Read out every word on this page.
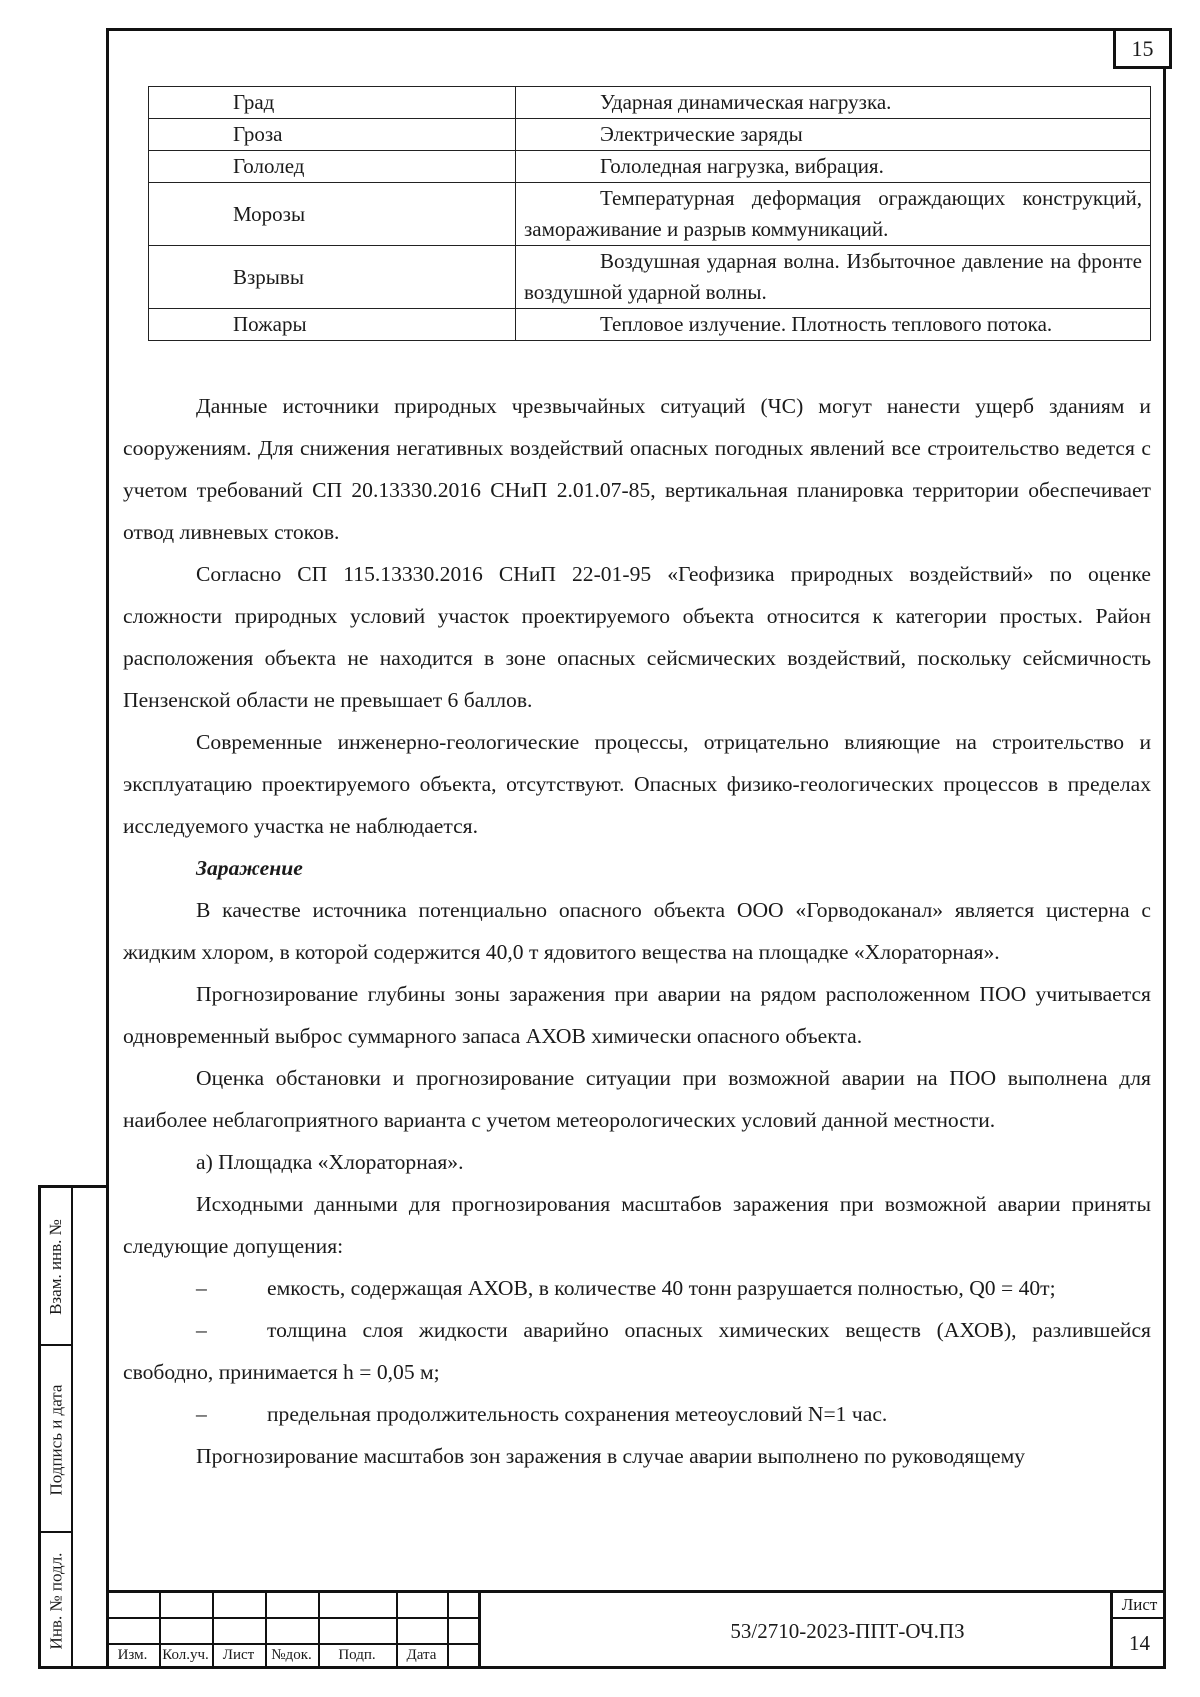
15
Град	Ударная динамическая нагрузка.

Гроза	Электрические заряды

Гололед	Гололедная нагрузка, вибрация.

Морозы	Температурная деформация ограждающих конструкций,
замораживание и разрыв коммуникаций.

Взрывы	Воздушная ударная волна. Избыточное давление на фронте
воздушной ударной волны.

Пожары	Тепловое излучение. Плотность теплового потока.

Данные источники природных чрезвычайных ситуаций (ЧС) могут нанести ущерб зданиям и сооружениям. Для снижения негативных воздействий опасных погодных явлений все строительство ведется с учетом требований СП 20.13330.2016 СНиП 2.01.07-85, вертикальная планировка территории обеспечивает отвод ливневых стоков.

Согласно СП 115.13330.2016 СНиП 22-01-95 «Геофизика природных воздействий» по оценке сложности природных условий участок проектируемого объекта относится к категории простых. Район расположения объекта не находится в зоне опасных сейсмических воздействий, поскольку сейсмичность Пензенской области не превышает 6 баллов.

Современные инженерно-геологические процессы, отрицательно влияющие на строительство и эксплуатацию проектируемого объекта, отсутствуют. Опасных физико-геологических процессов в пределах исследуемого участка не наблюдается.

Заражение

В качестве источника потенциально опасного объекта ООО «Горводоканал» является цистерна с жидким хлором, в которой содержится 40,0 т ядовитого вещества на площадке «Хлораторная».

Прогнозирование глубины зоны заражения при аварии на рядом расположенном ПОО учитывается одновременный выброс суммарного запаса АХОВ химически опасного объекта.

Оценка обстановки и прогнозирование ситуации при возможной аварии на ПОО выполнена для наиболее неблагоприятного варианта с учетом метеорологических условий данной местности.

а) Площадка «Хлораторная».

Исходными данными для прогнозирования масштабов заражения при возможной аварии приняты следующие допущения:

–	емкость, содержащая АХОВ, в количестве 40 тонн разрушается полностью, Q0 = 40т;

–	толщина слоя жидкости аварийно опасных химических веществ (АХОВ), разлившейся свободно, принимается h = 0,05 м;

–	предельная продолжительность сохранения метеоусловий N=1 час.

Прогнозирование масштабов зон заражения в случае аварии выполнено по руководящему

Взам. инв. №
Подпись и дата
Инв. № подл.
Изм. Кол.уч. Лист	№док.	Подп.	Дата
53/2710-2023-ППТ-ОЧ.ПЗ
Лист
14
